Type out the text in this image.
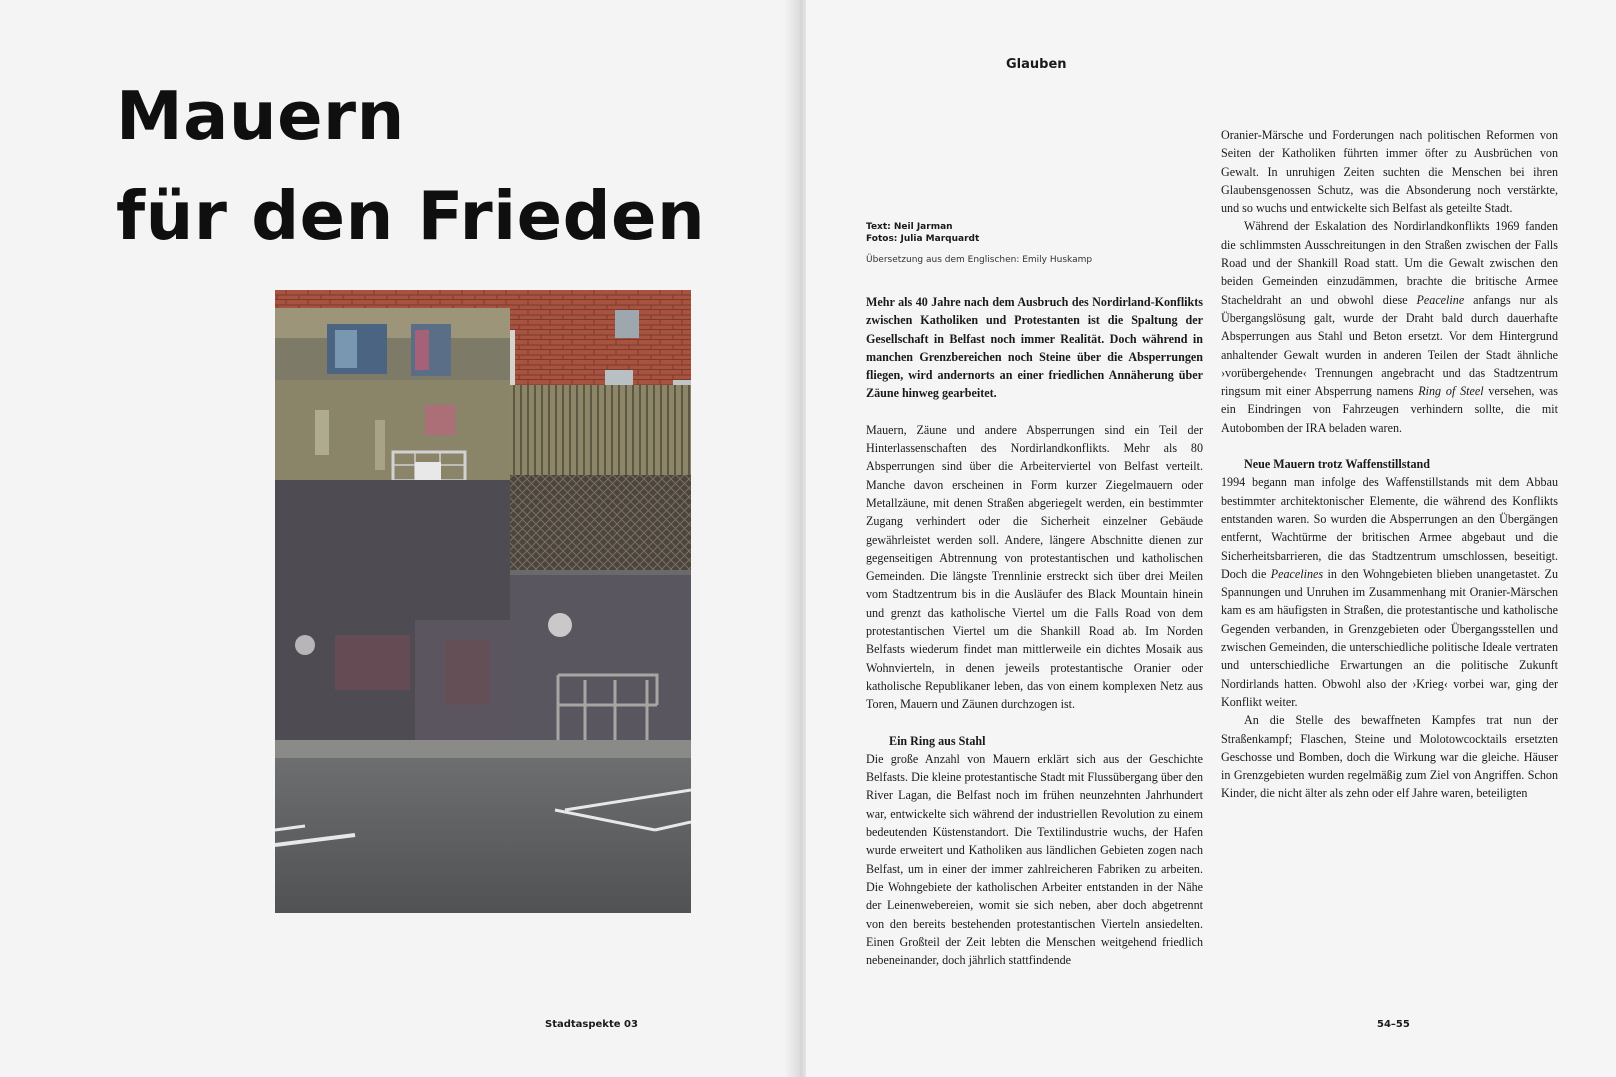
Mauern
für den Frieden
Stadtaspekte 03
Glauben
Text: Neil Jarman
Fotos: Julia Marquardt
Übersetzung aus dem Englischen: Emily Huskamp

Mehr als 40 Jahre nach dem Ausbruch des Nordirland-Konflikts zwischen Katholiken und Protestanten ist die Spaltung der Gesellschaft in Belfast noch immer Realität. Doch während in manchen Grenzbereichen noch Steine über die Absperrungen fliegen, wird andernorts an einer friedlichen Annäherung über Zäune hinweg gearbeitet.

Mauern, Zäune und andere Absperrungen sind ein Teil der Hinterlassenschaften des Nordirlandkonflikts. Mehr als 80 Absperrungen sind über die Arbeiterviertel von Belfast verteilt. Manche davon erscheinen in Form kurzer Ziegelmauern oder Metallzäune, mit denen Straßen abgeriegelt werden, ein bestimmter Zugang verhindert oder die Sicherheit einzelner Gebäude gewährleistet werden soll. Andere, längere Abschnitte dienen zur gegenseitigen Abtrennung von protestantischen und katholischen Gemeinden. Die längste Trennlinie erstreckt sich über drei Meilen vom Stadtzentrum bis in die Ausläufer des Black Mountain hinein und grenzt das katholische Viertel um die Falls Road von dem protestantischen Viertel um die Shankill Road ab. Im Norden Belfasts wiederum findet man mittlerweile ein dichtes Mosaik aus Wohnvierteln, in denen jeweils protestantische Oranier oder katholische Republikaner leben, das von einem komplexen Netz aus Toren, Mauern und Zäunen durchzogen ist.

Ein Ring aus Stahl

Die große Anzahl von Mauern erklärt sich aus der Geschichte Belfasts. Die kleine protestantische Stadt mit Flussübergang über den River Lagan, die Belfast noch im frühen neunzehnten Jahrhundert war, entwickelte sich während der industriellen Revolution zu einem bedeutenden Küstenstandort. Die Textilindustrie wuchs, der Hafen wurde erweitert und Katholiken aus ländlichen Gebieten zogen nach Belfast, um in einer der immer zahlreicheren Fabriken zu arbeiten. Die Wohngebiete der katholischen Arbeiter entstanden in der Nähe der Leinenwebereien, womit sie sich neben, aber doch abgetrennt von den bereits bestehenden protestantischen Vierteln ansiedelten. Einen Großteil der Zeit lebten die Menschen weitgehend friedlich nebeneinander, doch jährlich stattfindende

Oranier-Märsche und Forderungen nach politischen Reformen von Seiten der Katholiken führten immer öfter zu Ausbrüchen von Gewalt. In unruhigen Zeiten suchten die Menschen bei ihren Glaubensgenossen Schutz, was die Absonderung noch verstärkte, und so wuchs und entwickelte sich Belfast als geteilte Stadt.

Während der Eskalation des Nordirlandkonflikts 1969 fanden die schlimmsten Ausschreitungen in den Straßen zwischen der Falls Road und der Shankill Road statt. Um die Gewalt zwischen den beiden Gemeinden einzudämmen, brachte die britische Armee Stacheldraht an und obwohl diese Peaceline anfangs nur als Übergangslösung galt, wurde der Draht bald durch dauerhafte Absperrungen aus Stahl und Beton ersetzt. Vor dem Hintergrund anhaltender Gewalt wurden in anderen Teilen der Stadt ähnliche ›vorübergehende‹ Trennungen angebracht und das Stadtzentrum ringsum mit einer Absperrung namens Ring of Steel versehen, was ein Eindringen von Fahrzeugen verhindern sollte, die mit Autobomben der IRA beladen waren.

Neue Mauern trotz Waffenstillstand

1994 begann man infolge des Waffenstillstands mit dem Abbau bestimmter architektonischer Elemente, die während des Konflikts entstanden waren. So wurden die Absperrungen an den Übergängen entfernt, Wachtürme der britischen Armee abgebaut und die Sicherheitsbarrieren, die das Stadtzentrum umschlossen, beseitigt. Doch die Peacelines in den Wohngebieten blieben unangetastet. Zu Spannungen und Unruhen im Zusammenhang mit Oranier-Märschen kam es am häufigsten in Straßen, die protestantische und katholische Gegenden verbanden, in Grenzgebieten oder Übergangsstellen und zwischen Gemeinden, die unterschiedliche politische Ideale vertraten und unterschiedliche Erwartungen an die politische Zukunft Nordirlands hatten. Obwohl also der ›Krieg‹ vorbei war, ging der Konflikt weiter.

An die Stelle des bewaffneten Kampfes trat nun der Straßenkampf; Flaschen, Steine und Molotowcocktails ersetzten Geschosse und Bomben, doch die Wirkung war die gleiche. Häuser in Grenzgebieten wurden regelmäßig zum Ziel von Angriffen. Schon Kinder, die nicht älter als zehn oder elf Jahre waren, beteiligten

54–55
